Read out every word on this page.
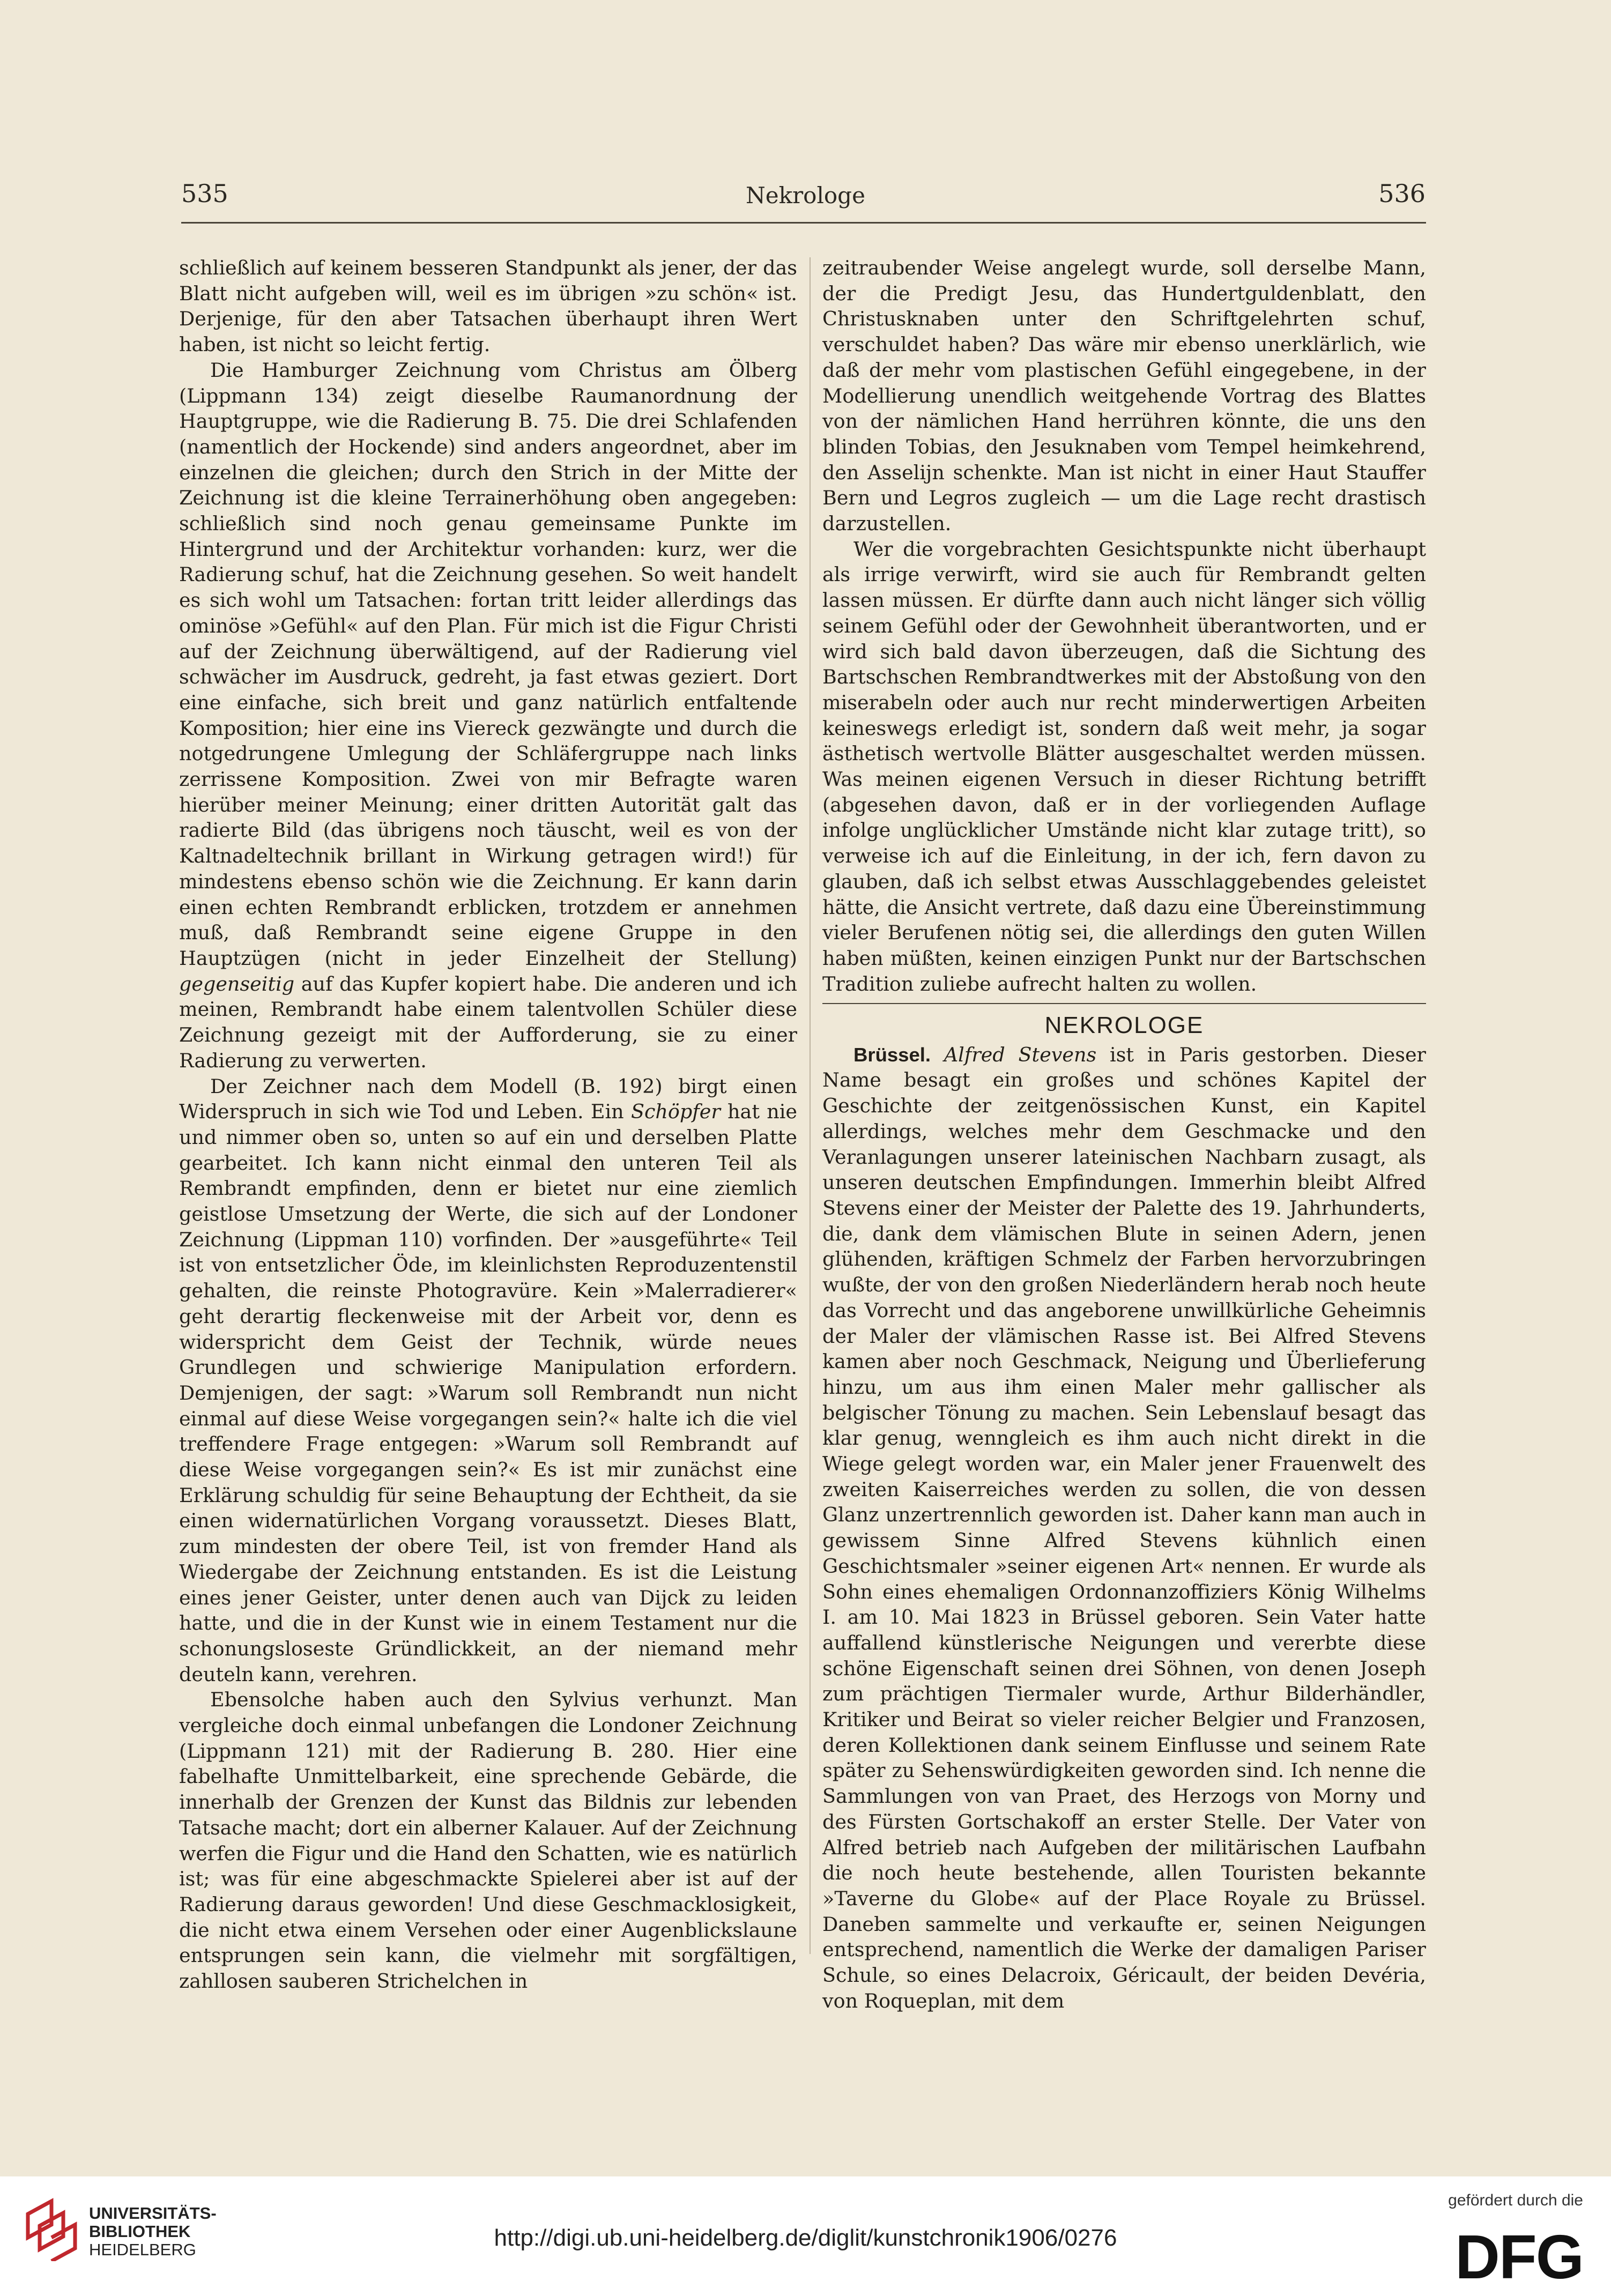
535	Nekrologe	536

schließlich auf keinem besseren Standpunkt als jener, der das Blatt nicht aufgeben will, weil es im übrigen »zu schön« ist. Derjenige, für den aber Tatsachen überhaupt ihren Wert haben, ist nicht so leicht fertig.

Die Hamburger Zeichnung vom Christus am Ölberg (Lippmann 134) zeigt dieselbe Raumanordnung der Hauptgruppe, wie die Radierung B. 75. Die drei Schlafenden (namentlich der Hockende) sind anders angeordnet, aber im einzelnen die gleichen; durch den Strich in der Mitte der Zeichnung ist die kleine Terrainerhöhung oben angegeben: schließlich sind noch genau gemeinsame Punkte im Hintergrund und der Architektur vorhanden: kurz, wer die Radierung schuf, hat die Zeichnung gesehen. So weit handelt es sich wohl um Tatsachen: fortan tritt leider allerdings das ominöse »Gefühl« auf den Plan. Für mich ist die Figur Christi auf der Zeichnung überwältigend, auf der Radierung viel schwächer im Ausdruck, gedreht, ja fast etwas geziert. Dort eine einfache, sich breit und ganz natürlich entfaltende Komposition; hier eine ins Viereck gezwängte und durch die notgedrungene Umlegung der Schläfergruppe nach links zerrissene Komposition. Zwei von mir Befragte waren hierüber meiner Meinung; einer dritten Autorität galt das radierte Bild (das übrigens noch täuscht, weil es von der Kaltnadeltechnik brillant in Wirkung getragen wird!) für mindestens ebenso schön wie die Zeichnung. Er kann darin einen echten Rembrandt erblicken, trotzdem er annehmen muß, daß Rembrandt seine eigene Gruppe in den Hauptzügen (nicht in jeder Einzelheit der Stellung) gegenseitig auf das Kupfer kopiert habe. Die anderen und ich meinen, Rembrandt habe einem talentvollen Schüler diese Zeichnung gezeigt mit der Aufforderung, sie zu einer Radierung zu verwerten.

Der Zeichner nach dem Modell (B. 192) birgt einen Widerspruch in sich wie Tod und Leben. Ein Schöpfer hat nie und nimmer oben so, unten so auf ein und derselben Platte gearbeitet. Ich kann nicht einmal den unteren Teil als Rembrandt empfinden, denn er bietet nur eine ziemlich geistlose Umsetzung der Werte, die sich auf der Londoner Zeichnung (Lippman 110) vorfinden. Der »ausgeführte« Teil ist von entsetzlicher Öde, im kleinlichsten Reproduzentenstil gehalten, die reinste Photogravüre. Kein »Malerradierer« geht derartig fleckenweise mit der Arbeit vor, denn es widerspricht dem Geist der Technik, würde neues Grundlegen und schwierige Manipulation erfordern. Demjenigen, der sagt: »Warum soll Rembrandt nun nicht einmal auf diese Weise vorgegangen sein?« halte ich die viel treffendere Frage entgegen: »Warum soll Rembrandt auf diese Weise vorgegangen sein?« Es ist mir zunächst eine Erklärung schuldig für seine Behauptung der Echtheit, da sie einen widernatürlichen Vorgang voraussetzt. Dieses Blatt, zum mindesten der obere Teil, ist von fremder Hand als Wiedergabe der Zeichnung entstanden. Es ist die Leistung eines jener Geister, unter denen auch van Dijck zu leiden hatte, und die in der Kunst wie in einem Testament nur die schonungsloseste Gründlickkeit, an der niemand mehr deuteln kann, verehren.

Ebensolche haben auch den Sylvius verhunzt. Man vergleiche doch einmal unbefangen die Londoner Zeichnung (Lippmann 121) mit der Radierung B. 280. Hier eine fabelhafte Unmittelbarkeit, eine sprechende Gebärde, die innerhalb der Grenzen der Kunst das Bildnis zur lebenden Tatsache macht; dort ein alberner Kalauer. Auf der Zeichnung werfen die Figur und die Hand den Schatten, wie es natürlich ist; was für eine abgeschmackte Spielerei aber ist auf der Radierung daraus geworden! Und diese Geschmacklosigkeit, die nicht etwa einem Versehen oder einer Augenblickslaune entsprungen sein kann, die vielmehr mit sorgfältigen, zahllosen sauberen Strichelchen in

zeitraubender Weise angelegt wurde, soll derselbe Mann, der die Predigt Jesu, das Hundertguldenblatt, den Christusknaben unter den Schriftgelehrten schuf, verschuldet haben? Das wäre mir ebenso unerklärlich, wie daß der mehr vom plastischen Gefühl eingegebene, in der Modellierung unendlich weitgehende Vortrag des Blattes von der nämlichen Hand herrühren könnte, die uns den blinden Tobias, den Jesuknaben vom Tempel heimkehrend, den Asselijn schenkte. Man ist nicht in einer Haut Stauffer Bern und Legros zugleich — um die Lage recht drastisch darzustellen.

Wer die vorgebrachten Gesichtspunkte nicht überhaupt als irrige verwirft, wird sie auch für Rembrandt gelten lassen müssen. Er dürfte dann auch nicht länger sich völlig seinem Gefühl oder der Gewohnheit überantworten, und er wird sich bald davon überzeugen, daß die Sichtung des Bartschschen Rembrandtwerkes mit der Abstoßung von den miserabeln oder auch nur recht minderwertigen Arbeiten keineswegs erledigt ist, sondern daß weit mehr, ja sogar ästhetisch wertvolle Blätter ausgeschaltet werden müssen. Was meinen eigenen Versuch in dieser Richtung betrifft (abgesehen davon, daß er in der vorliegenden Auflage infolge unglücklicher Umstände nicht klar zutage tritt), so verweise ich auf die Einleitung, in der ich, fern davon zu glauben, daß ich selbst etwas Ausschlaggebendes geleistet hätte, die Ansicht vertrete, daß dazu eine Übereinstimmung vieler Berufenen nötig sei, die allerdings den guten Willen haben müßten, keinen einzigen Punkt nur der Bartschschen Tradition zuliebe aufrecht halten zu wollen.

NEKROLOGE

Brüssel. Alfred Stevens ist in Paris gestorben. Dieser Name besagt ein großes und schönes Kapitel der Geschichte der zeitgenössischen Kunst, ein Kapitel allerdings, welches mehr dem Geschmacke und den Veranlagungen unserer lateinischen Nachbarn zusagt, als unseren deutschen Empfindungen. Immerhin bleibt Alfred Stevens einer der Meister der Palette des 19. Jahrhunderts, die, dank dem vlämischen Blute in seinen Adern, jenen glühenden, kräftigen Schmelz der Farben hervorzubringen wußte, der von den großen Niederländern herab noch heute das Vorrecht und das angeborene unwillkürliche Geheimnis der Maler der vlämischen Rasse ist. Bei Alfred Stevens kamen aber noch Geschmack, Neigung und Überlieferung hinzu, um aus ihm einen Maler mehr gallischer als belgischer Tönung zu machen. Sein Lebenslauf besagt das klar genug, wenngleich es ihm auch nicht direkt in die Wiege gelegt worden war, ein Maler jener Frauenwelt des zweiten Kaiserreiches werden zu sollen, die von dessen Glanz unzertrennlich geworden ist. Daher kann man auch in gewissem Sinne Alfred Stevens kühnlich einen Geschichtsmaler »seiner eigenen Art« nennen. Er wurde als Sohn eines ehemaligen Ordonnanzoffiziers König Wilhelms I. am 10. Mai 1823 in Brüssel geboren. Sein Vater hatte auffallend künstlerische Neigungen und vererbte diese schöne Eigenschaft seinen drei Söhnen, von denen Joseph zum prächtigen Tiermaler wurde, Arthur Bilderhändler, Kritiker und Beirat so vieler reicher Belgier und Franzosen, deren Kollektionen dank seinem Einflusse und seinem Rate später zu Sehenswürdigkeiten geworden sind. Ich nenne die Sammlungen von van Praet, des Herzogs von Morny und des Fürsten Gortschakoff an erster Stelle. Der Vater von Alfred betrieb nach Aufgeben der militärischen Laufbahn die noch heute bestehende, allen Touristen bekannte »Taverne du Globe« auf der Place Royale zu Brüssel. Daneben sammelte und verkaufte er, seinen Neigungen entsprechend, namentlich die Werke der damaligen Pariser Schule, so eines Delacroix, Géricault, der beiden Devéria, von Roqueplan, mit dem

UNIVERSITÄTS-
BIBLIOTHEK
HEIDELBERG	http://digi.ub.uni-heidelberg.de/diglit/kunstchronik1906/0276
gefördert durch die
DFG
